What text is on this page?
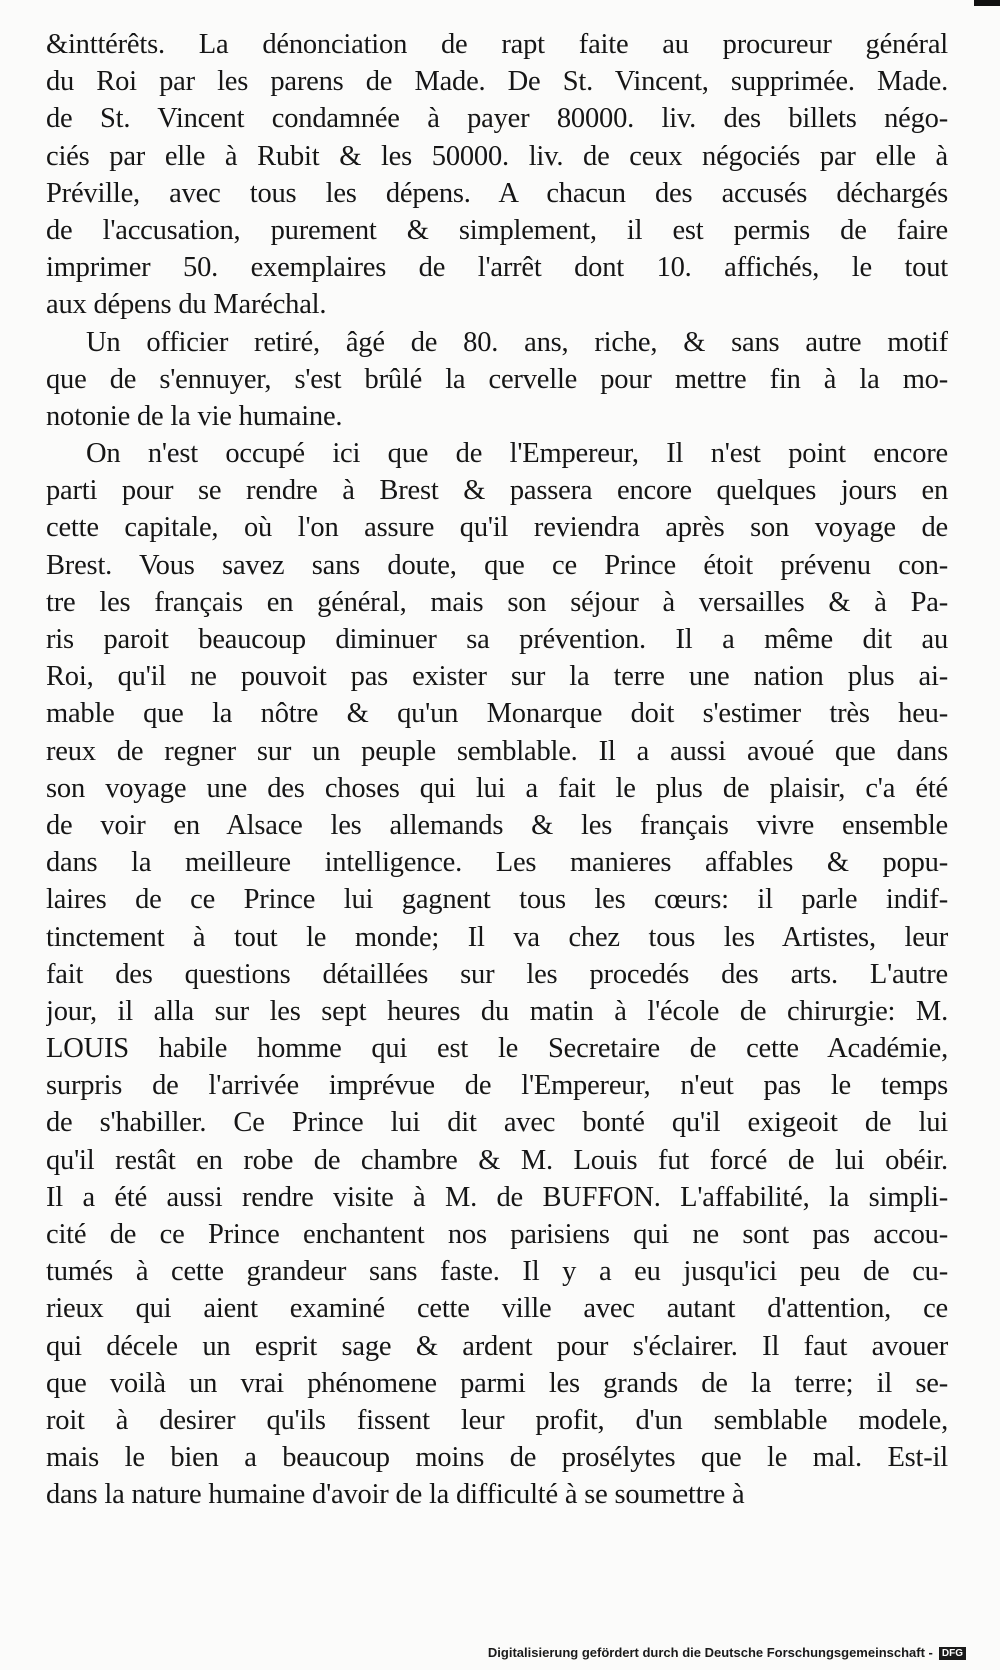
&inttérêts. La dénonciation de rapt faite au procureur général
du Roi par les parens de Made. De St. Vincent, supprimée. Made.
de St. Vincent condamnée à payer 80000. liv. des billets négo-
ciés par elle à Rubit & les 50000. liv. de ceux négociés par elle à
Préville, avec tous les dépens. A chacun des accusés déchargés
de l'accusation, purement & simplement, il est permis de faire
imprimer 50. exemplaires de l'arrêt dont 10. affichés, le tout
aux dépens du Maréchal.
Un officier retiré, âgé de 80. ans, riche, & sans autre motif
que de s'ennuyer, s'est brûlé la cervelle pour mettre fin à la mo-
notonie de la vie humaine.
On n'est occupé ici que de l'Empereur, Il n'est point encore
parti pour se rendre à Brest & passera encore quelques jours en
cette capitale, où l'on assure qu'il reviendra après son voyage de
Brest. Vous savez sans doute, que ce Prince étoit prévenu con-
tre les français en général, mais son séjour à versailles & à Pa-
ris paroit beaucoup diminuer sa prévention. Il a même dit au
Roi, qu'il ne pouvoit pas exister sur la terre une nation plus ai-
mable que la nôtre & qu'un Monarque doit s'estimer très heu-
reux de regner sur un peuple semblable. Il a aussi avoué que dans
son voyage une des choses qui lui a fait le plus de plaisir, c'a été
de voir en Alsace les allemands & les français vivre ensemble
dans la meilleure intelligence. Les manieres affables & popu-
laires de ce Prince lui gagnent tous les cœurs: il parle indif-
tinctement à tout le monde; Il va chez tous les Artistes, leur
fait des questions détaillées sur les procedés des arts. L'autre
jour, il alla sur les sept heures du matin à l'école de chirurgie: M.
LOUIS habile homme qui est le Secretaire de cette Académie,
surpris de l'arrivée imprévue de l'Empereur, n'eut pas le temps
de s'habiller. Ce Prince lui dit avec bonté qu'il exigeoit de lui
qu'il restât en robe de chambre & M. Louis fut forcé de lui obéir.
Il a été aussi rendre visite à M. de BUFFON. L'affabilité, la simpli-
cité de ce Prince enchantent nos parisiens qui ne sont pas accou-
tumés à cette grandeur sans faste. Il y a eu jusqu'ici peu de cu-
rieux qui aient examiné cette ville avec autant d'attention, ce
qui décele un esprit sage & ardent pour s'éclairer. Il faut avouer
que voilà un vrai phénomene parmi les grands de la terre; il se-
roit à desirer qu'ils fissent leur profit, d'un semblable modele,
mais le bien a beaucoup moins de prosélytes que le mal. Est-il
dans la nature humaine d'avoir de la difficulté à se soumettre à
Digitalisierung gefördert durch die Deutsche Forschungsgemeinschaft - DFG
